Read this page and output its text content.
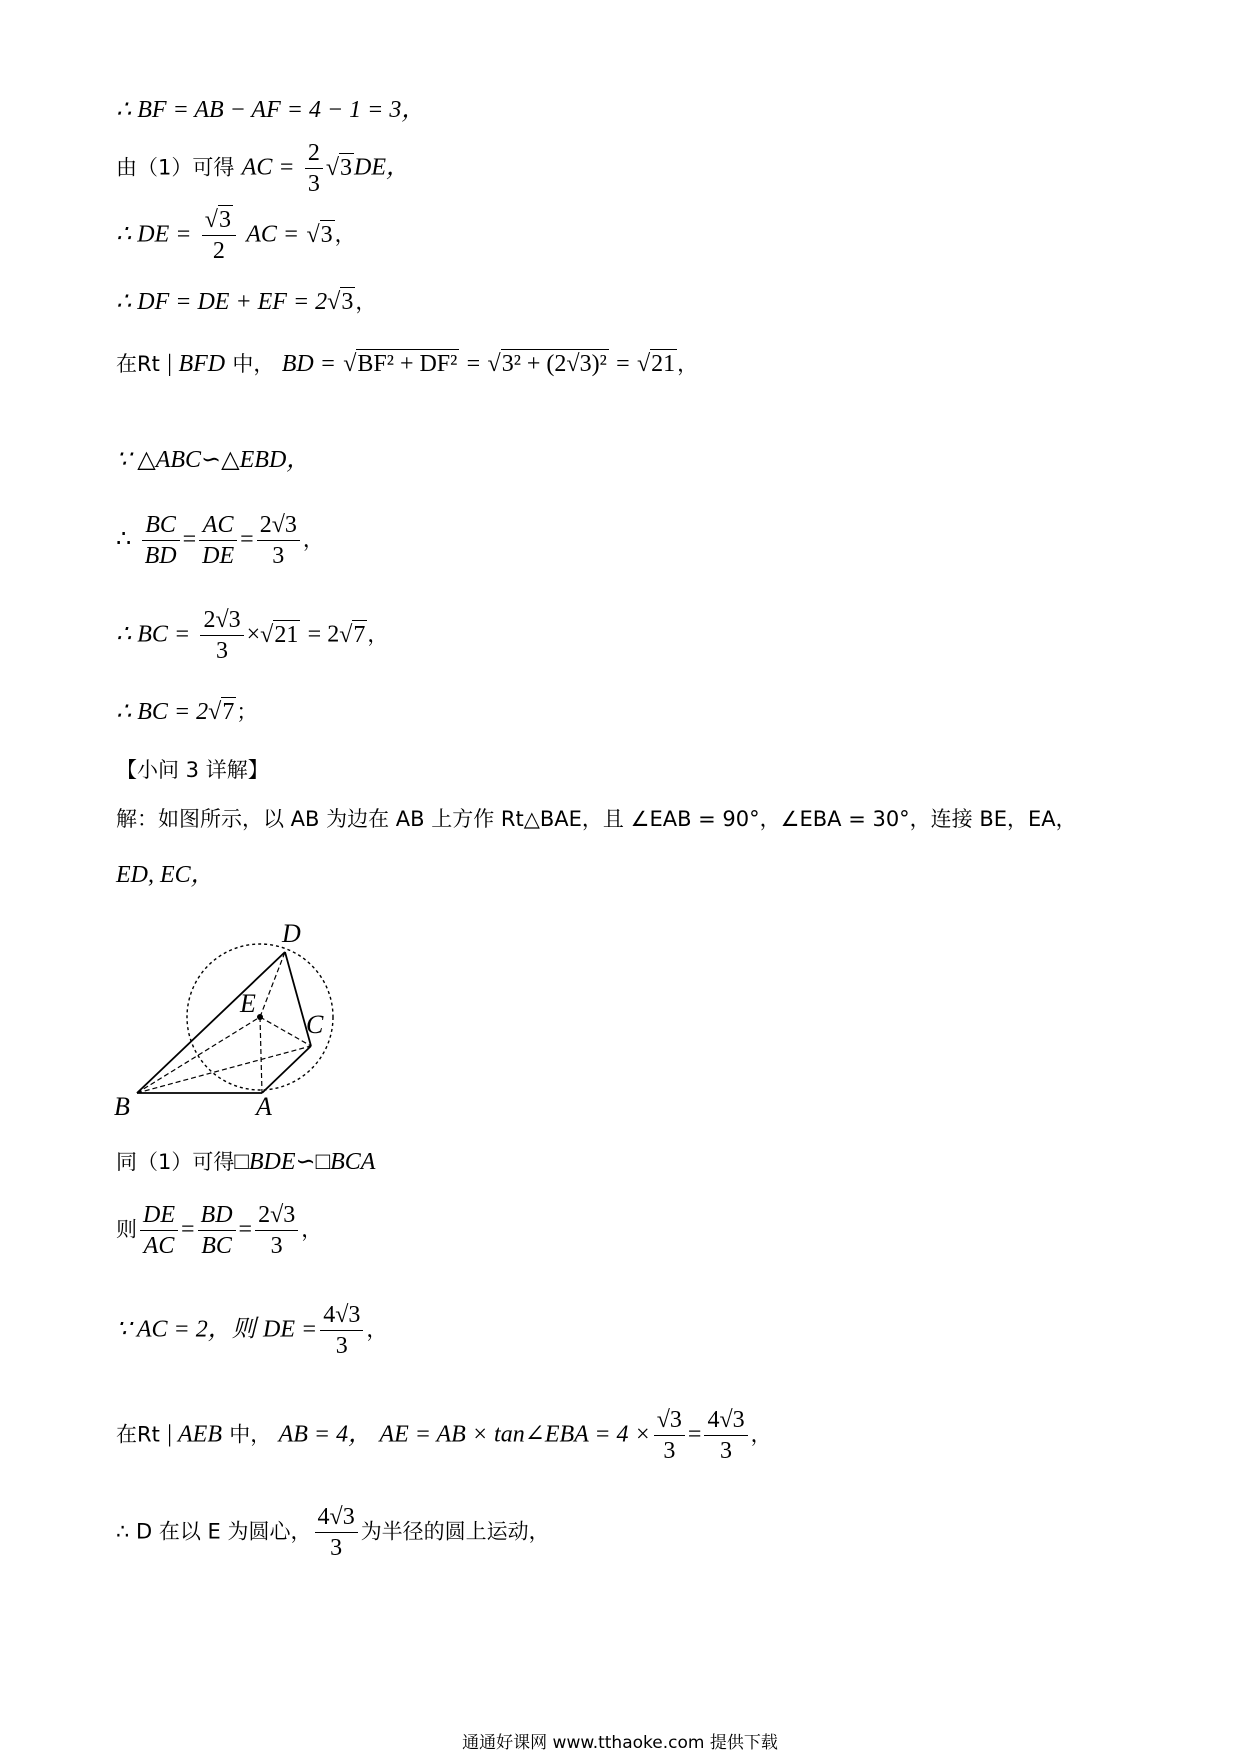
∴ BF = AB − AF = 4 − 1 = 3，
由（1）可得 AC = $\frac{2}{3} √3DE$，
∴ DE = $\frac{√3}{2}$ AC = √3，
∴ DF = DE + EF = 2√3，
在Rt | BFD 中， BD = √BF² + DF² = √3² + (2√3)² = √21，
∵ △ABC∽△EBD，
∴ $\frac{BC}{BD} = \frac{AC}{DE} = \frac{2√3}{3}$ ，
∴ BC = $\frac{2√3}{3} \times√21 = 2√7$，
∴ BC = 2√7；
【小问 3 详解】
解：如图所示，以 AB 为边在 AB 上方作 Rt△BAE，且 ∠EAB = 90°，∠EBA = 30°，连接 BE，EA，
ED, EC，
D
E
C
B	A
同（1）可得□BDE∽□BCA
则 $\frac{DE}{AC} = \frac{BD}{BC} = \frac{2√3}{3}$ ，
∵ AC = 2，则 DE = $\frac{4√3}{3}$ ，
在Rt | AEB 中， AB = 4， AE = AB × tan∠EBA = $4 \times \frac{√3}{3} = \frac{4√3}{3}$ ，
∴ D 在以 E 为圆心， $\frac{4√3}{3}$ 为半径的圆上运动，
通通好课网 www.tthaoke.com 提供下载
